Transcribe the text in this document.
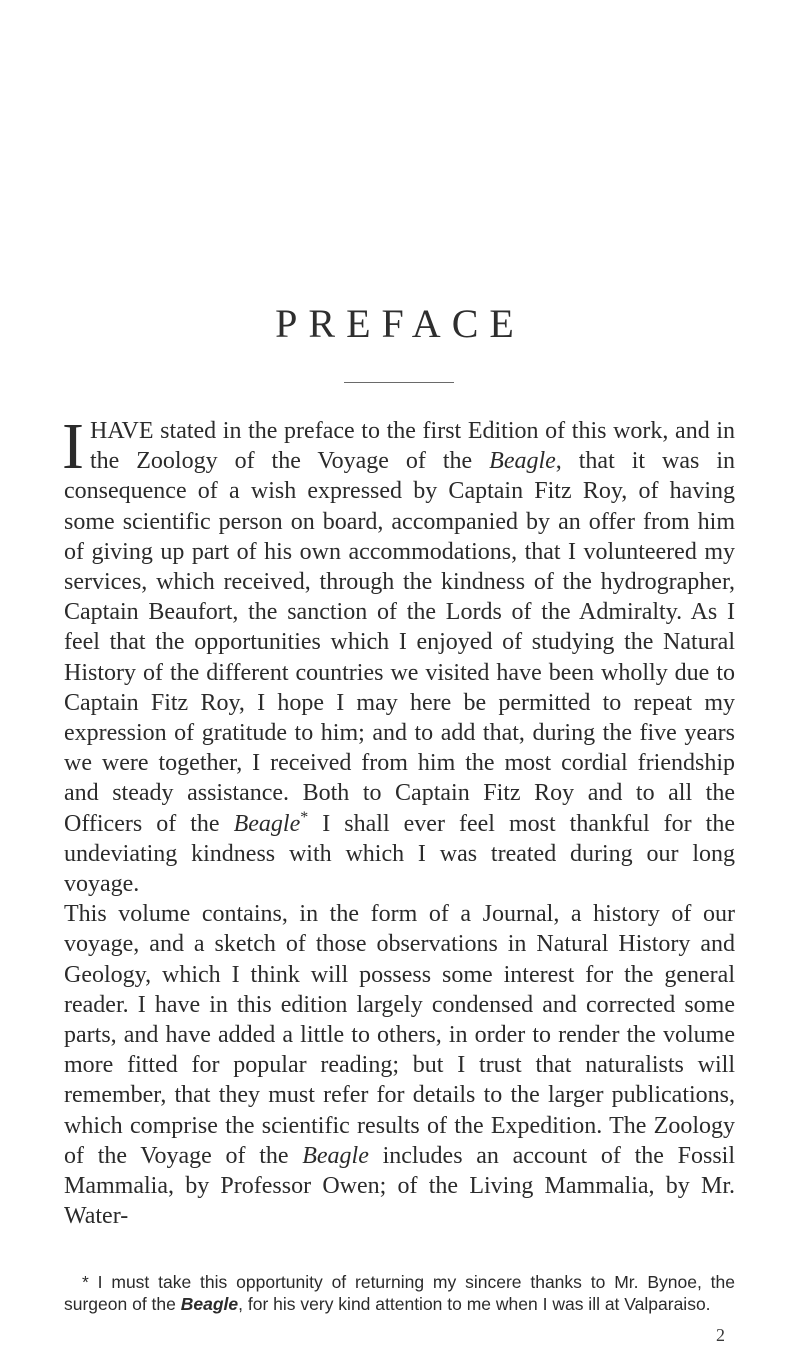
PREFACE

IHAVE stated in the preface to the first Edition of this work, and in the Zoology of the Voyage of the Beagle, that it was in consequence of a wish expressed by Captain Fitz Roy, of having some scientific person on board, accompanied by an offer from him of giving up part of his own accommodations, that I volunteered my services, which received, through the kindness of the hydrographer, Captain Beaufort, the sanction of the Lords of the Admiralty. As I feel that the opportunities which I enjoyed of studying the Natural History of the different countries we visited have been wholly due to Captain Fitz Roy, I hope I may here be permitted to repeat my expression of gratitude to him; and to add that, during the five years we were together, I received from him the most cordial friendship and steady assistance. Both to Captain Fitz Roy and to all the Officers of the Beagle* I shall ever feel most thankful for the undeviating kindness with which I was treated during our long voyage.

This volume contains, in the form of a Journal, a history of our voyage, and a sketch of those observations in Natural History and Geology, which I think will possess some interest for the general reader. I have in this edition largely condensed and corrected some parts, and have added a little to others, in order to render the volume more fitted for popular reading; but I trust that naturalists will remember, that they must refer for details to the larger publications, which comprise the scientific results of the Expedition. The Zoology of the Voyage of the Beagle includes an account of the Fossil Mammalia, by Professor Owen; of the Living Mammalia, by Mr. Water-

* I must take this opportunity of returning my sincere thanks to Mr. Bynoe, the surgeon of the Beagle, for his very kind attention to me when I was ill at Valparaiso.

2
